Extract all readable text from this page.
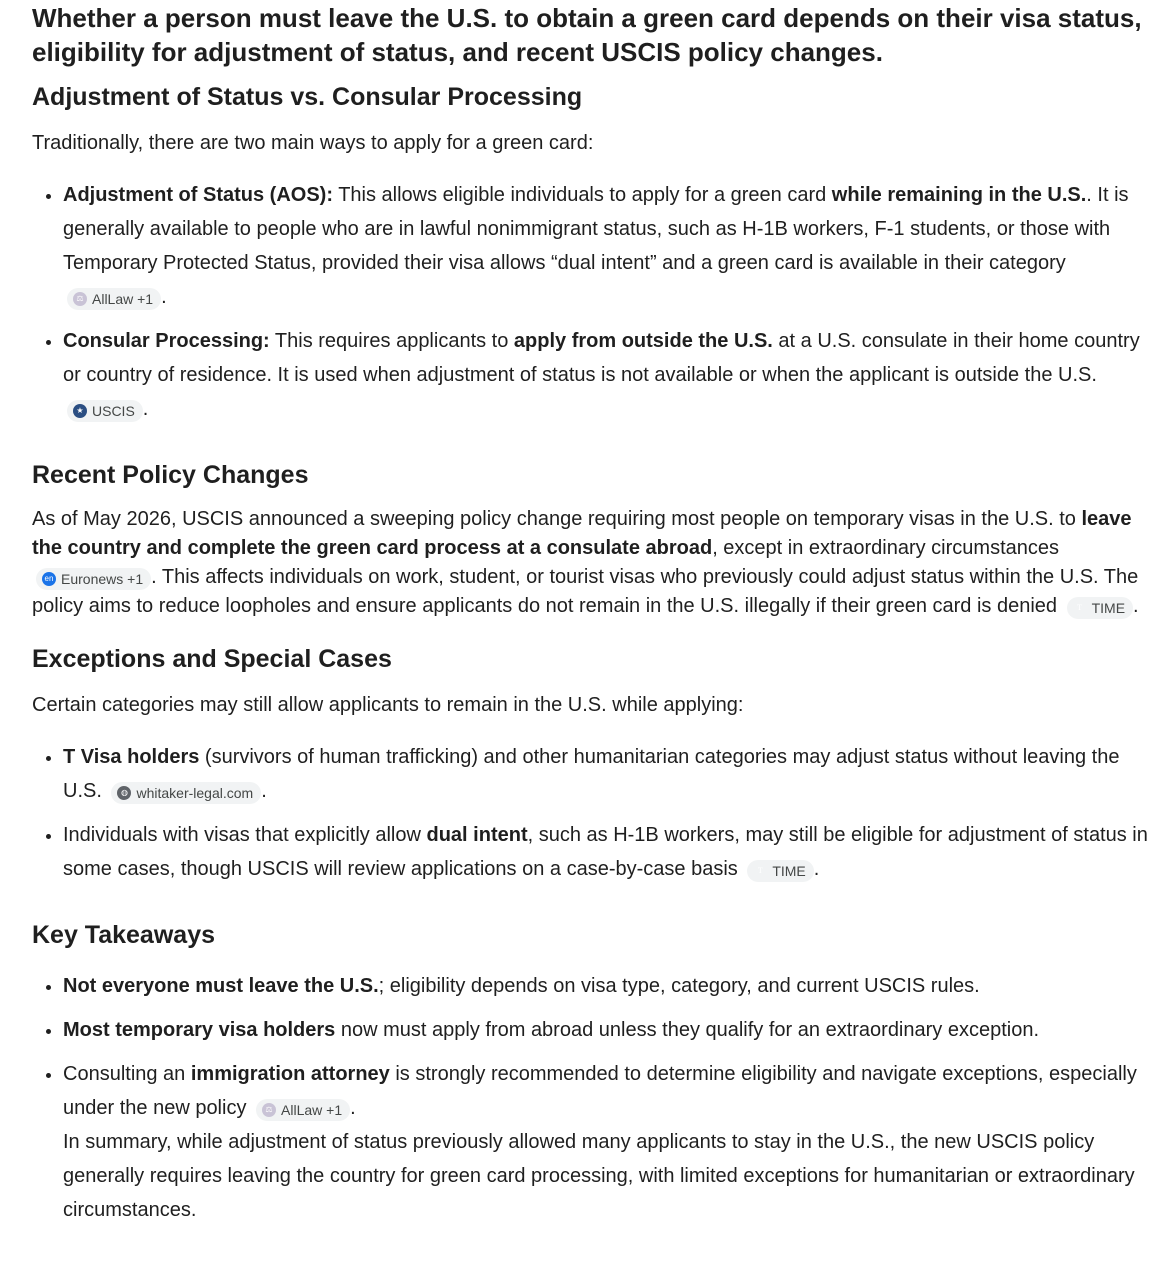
Whether a person must leave the U.S. to obtain a green card depends on their visa status, eligibility for adjustment of status, and recent USCIS policy changes.
Adjustment of Status vs. Consular Processing

Traditionally, there are two main ways to apply for a green card:

• Adjustment of Status (AOS): This allows eligible individuals to apply for a green card while remaining in the U.S.. It is generally available to people who are in lawful nonimmigrant status, such as H-1B workers, F-1 students, or those with Temporary Protected Status, provided their visa allows “dual intent” and a green card is available in their category
⚖ AllLaw +1 .
• Consular Processing: This requires applicants to apply from outside the U.S. at a U.S. consulate in their home country or country of residence. It is used when adjustment of status is not available or when the applicant is outside the U.S.
★ USCIS .
Recent Policy Changes

As of May 2026, USCIS announced a sweeping policy change requiring most people on temporary visas in the U.S. to leave the country and complete the green card process at a consulate abroad, except in extraordinary circumstances
en Euronews +1 . This affects individuals on work, student, or tourist visas who previously could adjust status within the U.S. The policy aims to reduce loopholes and ensure applicants do not remain in the U.S. illegally if their green card is denied	T TIME .

Exceptions and Special Cases

Certain categories may still allow applicants to remain in the U.S. while applying:

• T Visa holders (survivors of human trafficking) and other humanitarian categories may adjust status without leaving the U.S.	◍ whitaker-legal.com .
• Individuals with visas that explicitly allow dual intent, such as H-1B workers, may still be eligible for adjustment of status in some cases, though USCIS will review applications on a case-by-case basis	T TIME .
Key Takeaways
• Not everyone must leave the U.S.; eligibility depends on visa type, category, and current USCIS rules.
• Most temporary visa holders now must apply from abroad unless they qualify for an extraordinary exception.
• Consulting an immigration attorney is strongly recommended to determine eligibility and navigate exceptions, especially under the new policy	⚖ AllLaw +1 .
In summary, while adjustment of status previously allowed many applicants to stay in the U.S., the new USCIS policy generally requires leaving the country for green card processing, with limited exceptions for humanitarian or extraordinary circumstances.
